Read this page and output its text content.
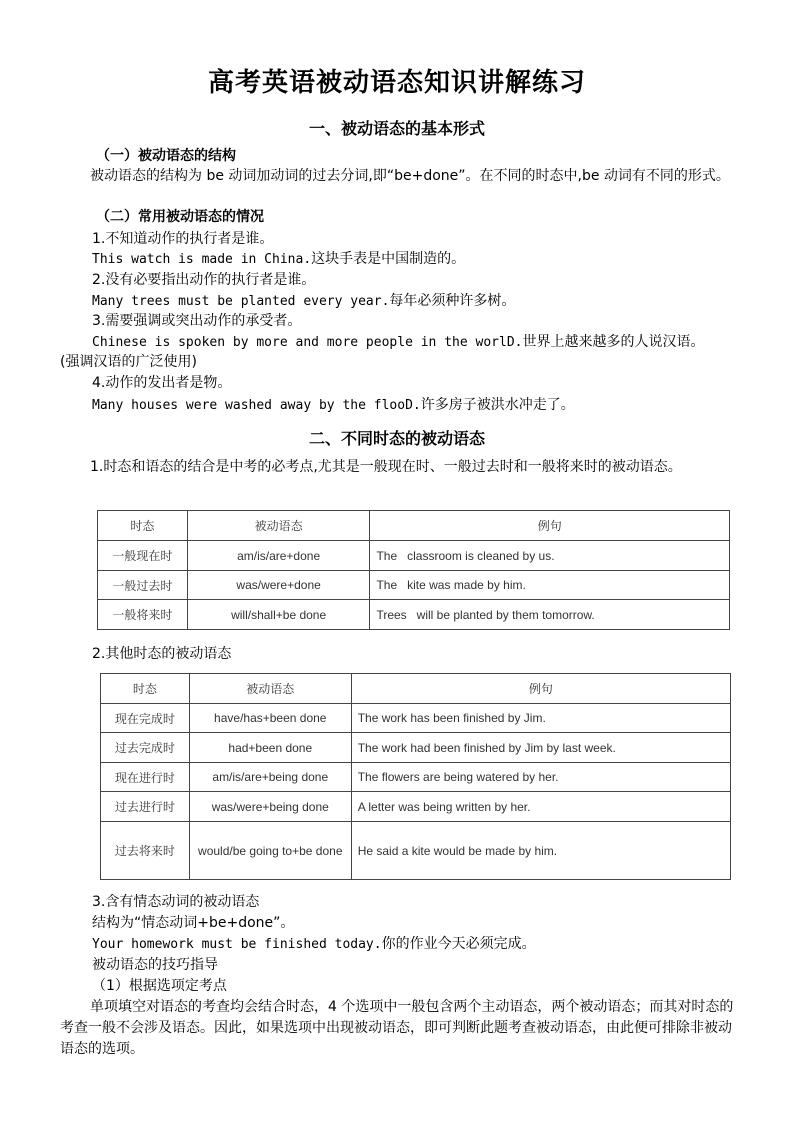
高考英语被动语态知识讲解练习
一、被动语态的基本形式
（一）被动语态的结构
被动语态的结构为 be 动词加动词的过去分词,即“be+done”。在不同的时态中,be 动词有不同的形式。
（二）常用被动语态的情况
1.不知道动作的执行者是谁。
This watch is made in China.这块手表是中国制造的。
2.没有必要指出动作的执行者是谁。
Many trees must be planted every year.每年必须种许多树。
3.需要强调或突出动作的承受者。
Chinese is spoken by more and more people in the worlD.世界上越来越多的人说汉语。
(强调汉语的广泛使用)
4.动作的发出者是物。
Many houses were washed away by the flooD.许多房子被洪水冲走了。
二、不同时态的被动语态
1.时态和语态的结合是中考的必考点,尤其是一般现在时、一般过去时和一般将来时的被动语态。
时态	被动语态	例句
一般现在时	am/is/are+done	The   classroom is cleaned by us.
一般过去时	was/were+done	The   kite was made by him.
一般将来时	will/shall+be done	Trees   will be planted by them tomorrow.
2.其他时态的被动语态
时态	被动语态	例句
现在完成时	have/has+been done	The work has been finished by Jim.
过去完成时	had+been done	The work had been finished by Jim by last week.
现在进行时	am/is/are+being done	The flowers are being watered by her.
过去进行时	was/were+being done	A letter was being written by her.
过去将来时	would/be going to+be done	He said a kite would be made by him.
3.含有情态动词的被动语态
结构为“情态动词+be+done”。
Your homework must be finished today.你的作业今天必须完成。
被动语态的技巧指导
（1）根据选项定考点
单项填空对语态的考查均会结合时态，4 个选项中一般包含两个主动语态，两个被动语态；而其对时态的考查一般不会涉及语态。因此，如果选项中出现被动语态，即可判断此题考查被动语态，由此便可排除非被动语态的选项。
